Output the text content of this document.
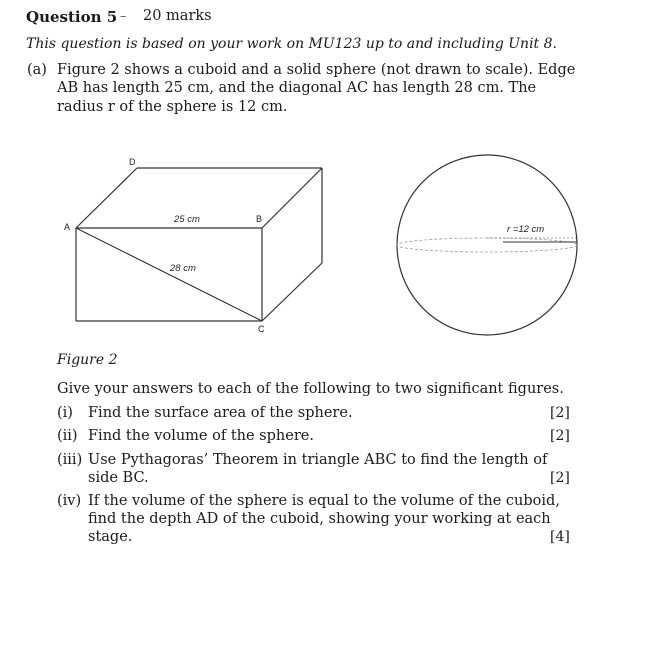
Question 5 – 20 marks
This question is based on your work on MU123 up to and including Unit 8.
(a) Figure 2 shows a cuboid and a solid sphere (not drawn to scale). Edge
AB has length 25 cm, and the diagonal AC has length 28 cm. The
radius r of the sphere is 12 cm.
D
A
B
C
25 cm
28 cm
r =12 cm
Figure 2
Give your answers to each of the following to two significant figures.
(i) Find the surface area of the sphere.	[2]
(ii) Find the volume of the sphere.	[2]
(iii) Use Pythagoras’ Theorem in triangle ABC to find the length of
side BC.	[2]
(iv) If the volume of the sphere is equal to the volume of the cuboid,
find the depth AD of the cuboid, showing your working at each
stage.	[4]
